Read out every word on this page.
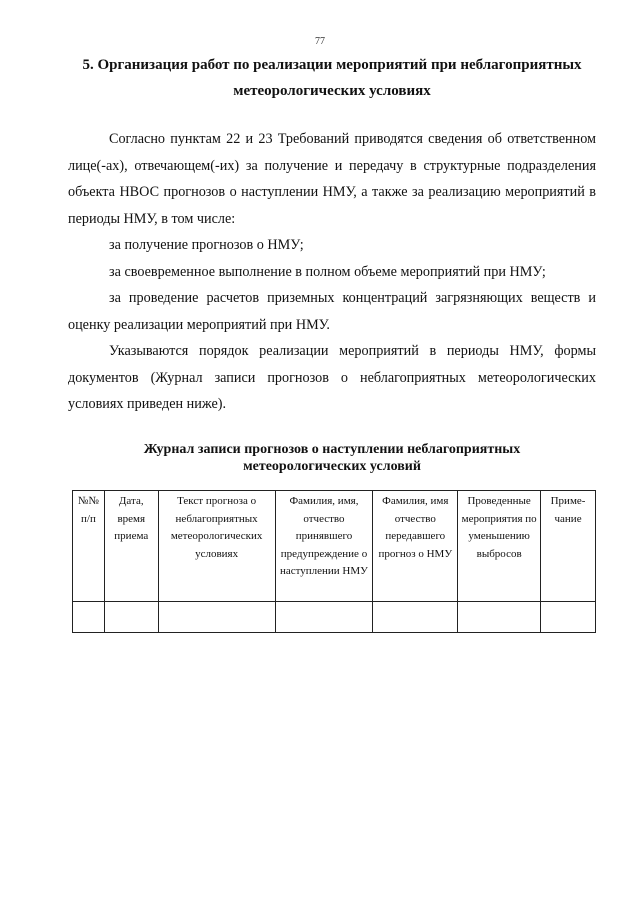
77
5. Организация работ по реализации мероприятий при неблагоприятных
метеорологических условиях

Согласно пунктам 22 и 23 Требований приводятся сведения об ответственном лице(-ах), отвечающем(-их) за получение и передачу в структурные подразделения объекта НВОС прогнозов о наступлении НМУ, а также за реализацию мероприятий в периоды НМУ, в том числе:

за получение прогнозов о НМУ;

за своевременное выполнение в полном объеме мероприятий при НМУ;

за проведение расчетов приземных концентраций загрязняющих веществ и оценку реализации мероприятий при НМУ.

Указываются порядок реализации мероприятий в периоды НМУ, формы документов (Журнал записи прогнозов о неблагоприятных метеорологических условиях приведен ниже).

Журнал записи прогнозов о наступлении неблагоприятных
метеорологических условий
№№ п/п	Дата, время приема	Текст прогноза о неблагоприятных метеорологических условиях	Фамилия, имя, отчество принявшего предупреждение о наступлении НМУ	Фамилия, имя отчество передавшего прогноз о НМУ	Проведенные мероприятия по уменьшению выбросов	Приме-чание
